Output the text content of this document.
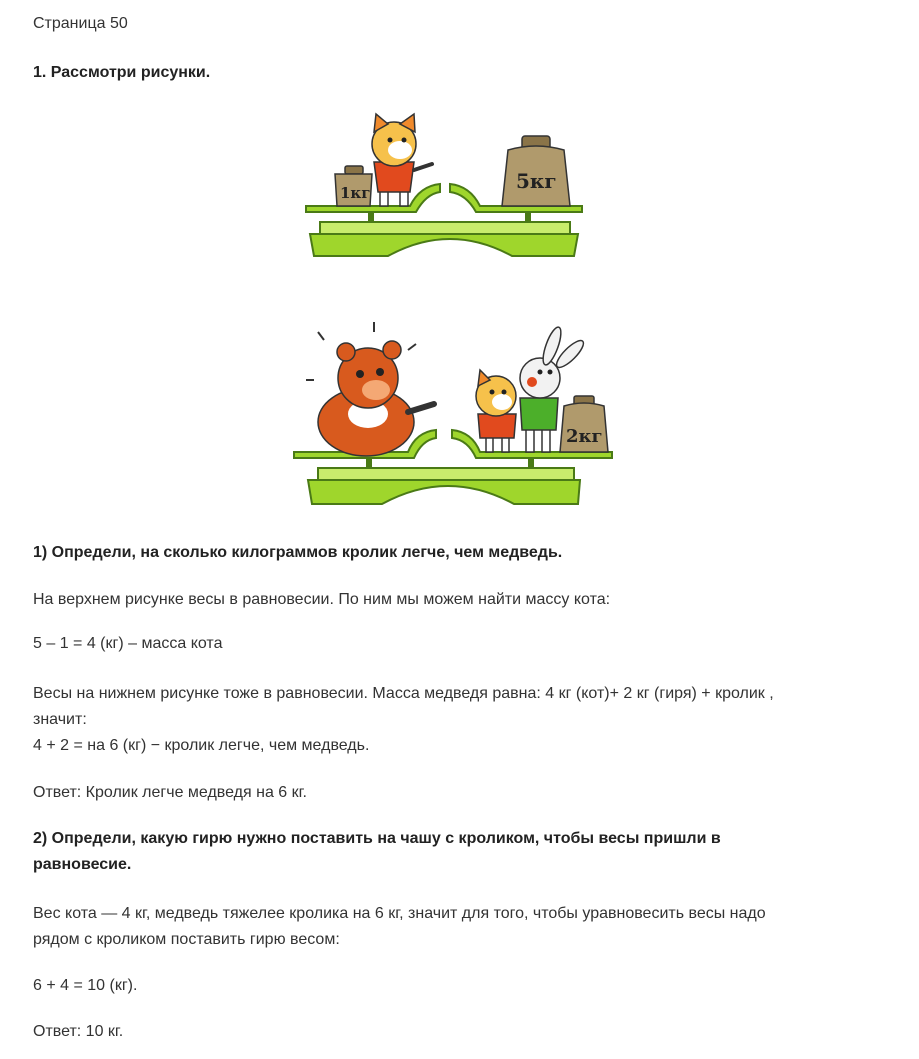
Страница 50

1. Рассмотри рисунки.

1кг	5кг
2кг

1) Определи, на сколько килограммов кролик легче, чем медведь.

На верхнем рисунке весы в равновесии. По ним мы можем найти массу кота:

5 – 1 = 4 (кг) – масса кота

Весы на нижнем рисунке тоже в равновесии. Масса медведя равна: 4 кг (кот)+ 2 кг (гиря) + кролик ,

значит:

4 + 2 = на 6 (кг) − кролик легче, чем медведь.

Ответ: Кролик легче медведя на 6 кг.

2) Определи, какую гирю нужно поставить на чашу с кроликом, чтобы весы пришли в

равновесие.

Вес кота — 4 кг, медведь тяжелее кролика на 6 кг, значит для того, чтобы уравновесить весы надо

рядом с кроликом поставить гирю весом:

6 + 4 = 10 (кг).

Ответ: 10 кг.
